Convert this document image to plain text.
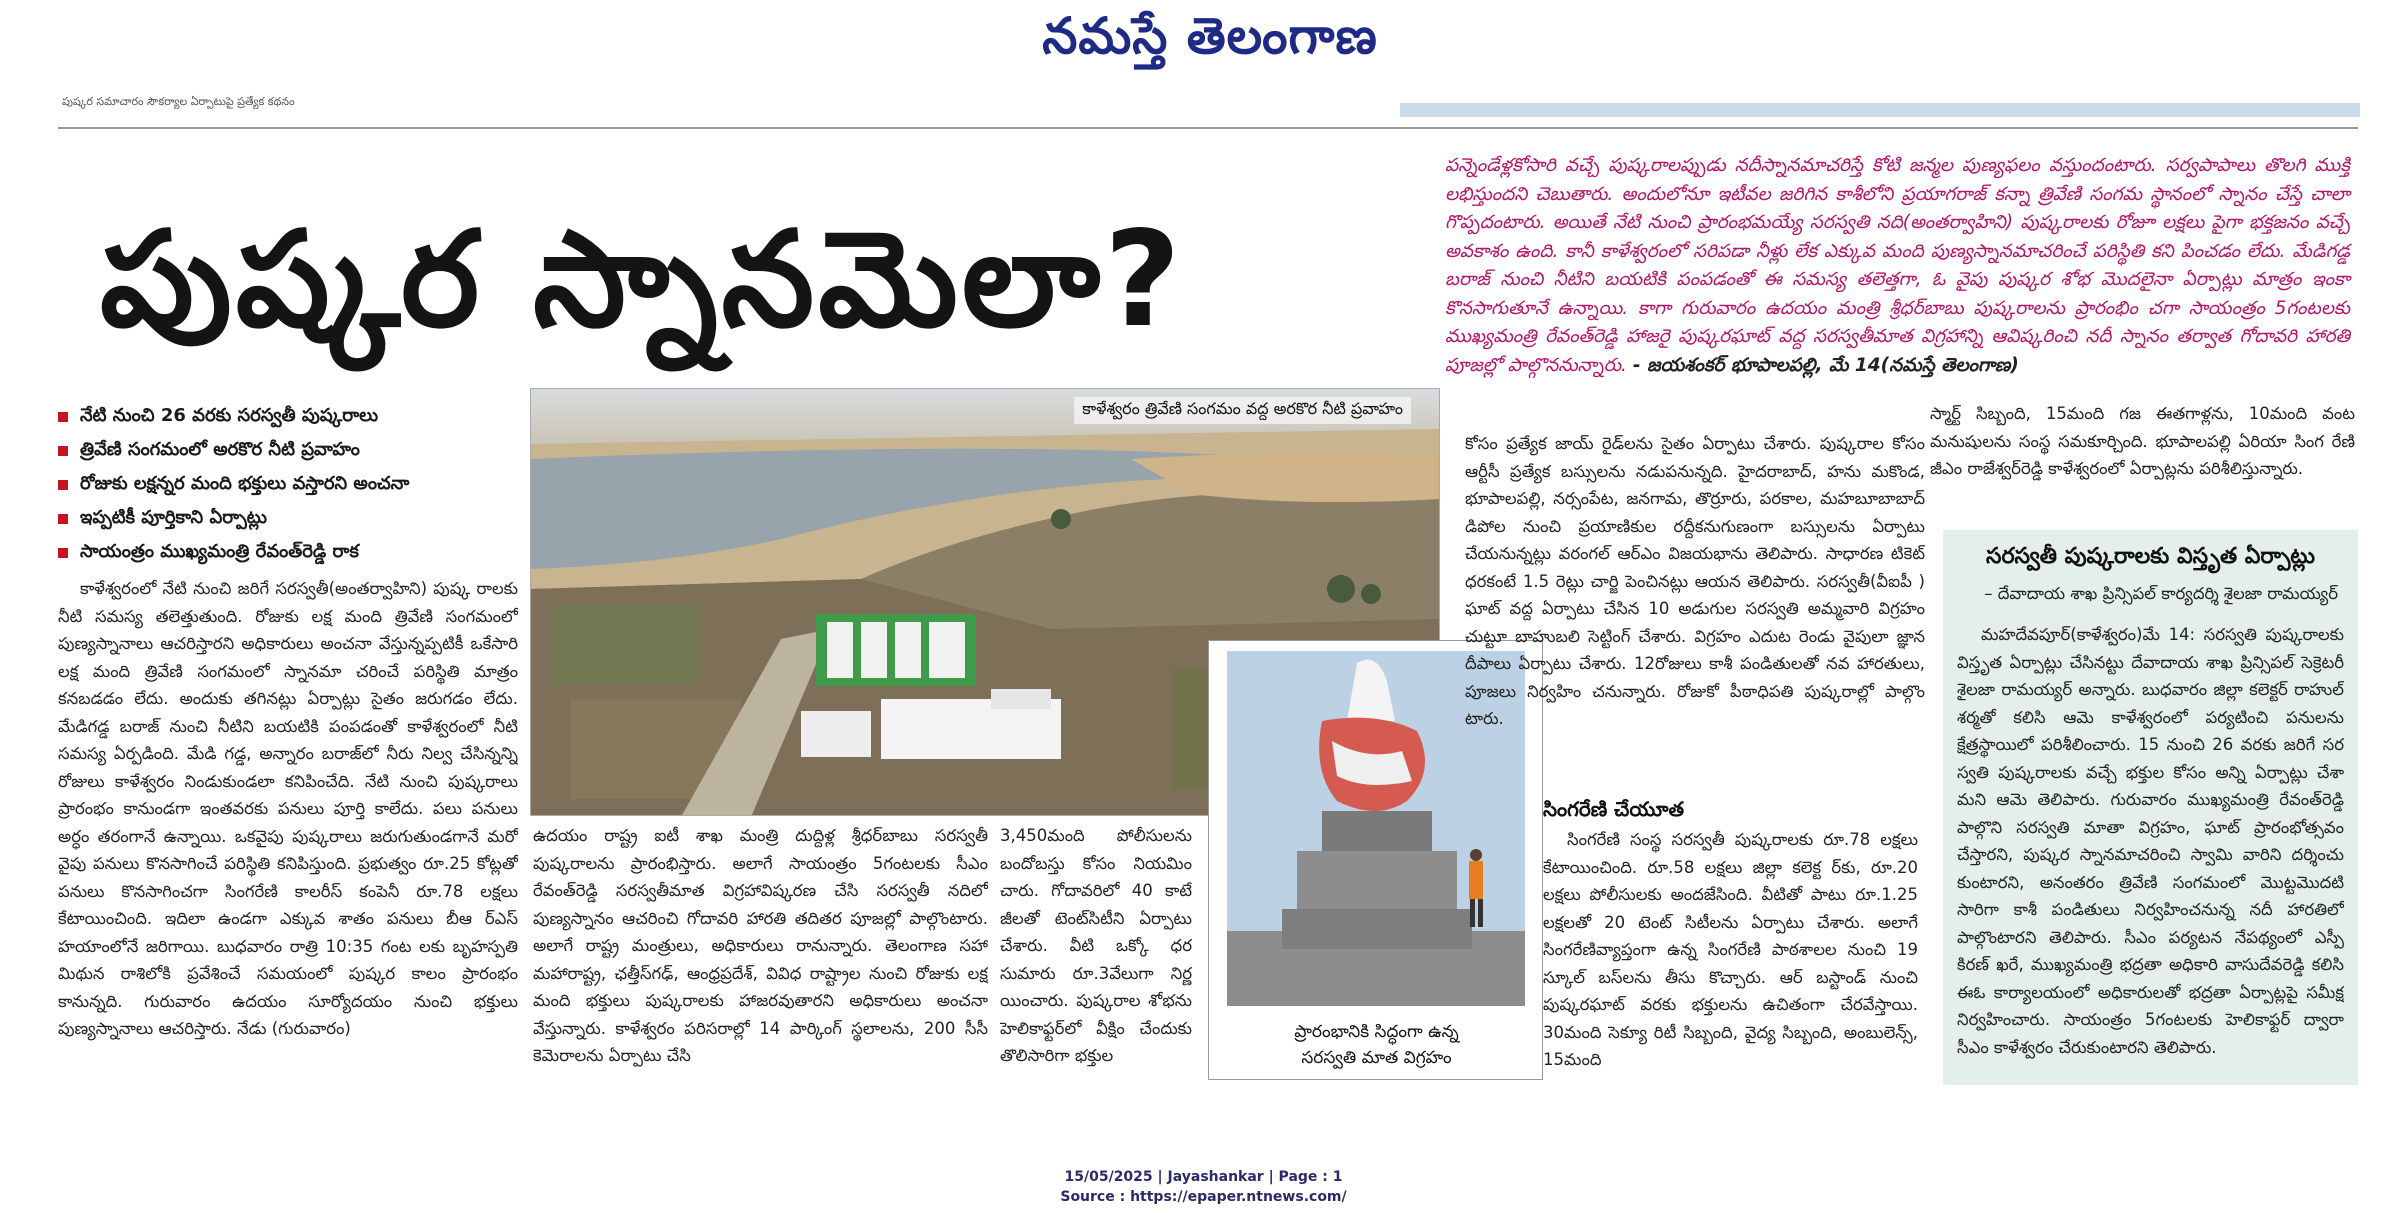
నమస్తే తెలంగాణ
పుష్కర సమాచారం సౌకర్యాల ఏర్పాటుపై ప్రత్యేక కథనం
పుష్కర స్నానమెలా?
పన్నెండేళ్లకోసారి వచ్చే పుష్కరాలప్పుడు నదీస్నానమాచరిస్తే కోటి జన్మల పుణ్యఫలం వస్తుందంటారు. సర్వపాపాలు తొలగి ముక్తి లభిస్తుందని చెబుతారు. అందులోనూ ఇటీవల జరిగిన కాశీలోని ప్రయాగరాజ్ కన్నా త్రివేణి సంగమ స్థానంలో స్నానం చేస్తే చాలా గొప్పదంటారు. అయితే నేటి నుంచి ప్రారంభమయ్యే సరస్వతి నది(అంతర్వాహిని) పుష్కరాలకు రోజూ లక్షలు పైగా భక్తజనం వచ్చే అవకాశం ఉంది. కానీ కాళేశ్వరంలో సరిపడా నీళ్లు లేక ఎక్కువ మంది పుణ్యస్నానమాచరించే పరిస్థితి కని పించడం లేదు. మేడిగడ్డ బరాజ్ నుంచి నీటిని బయటికి పంపడంతో ఈ సమస్య తలెత్తగా, ఓ వైపు పుష్కర శోభ మొదలైనా ఏర్పాట్లు మాత్రం ఇంకా కొనసాగుతూనే ఉన్నాయి. కాగా గురువారం ఉదయం మంత్రి శ్రీధర్‌బాబు పుష్కరాలను ప్రారంభిం చగా సాయంత్రం 5గంటలకు ముఖ్యమంత్రి రేవంత్‌రెడ్డి హాజరై పుష్కరఘాట్ వద్ద సరస్వతీమాత విగ్రహాన్ని ఆవిష్కరించి నదీ స్నానం తర్వాత గోదావరి హారతి పూజల్లో పాల్గొననున్నారు. - జయశంకర్ భూపాలపల్లి, మే 14(నమస్తే తెలంగాణ)
నేటి నుంచి 26 వరకు సరస్వతీ పుష్కరాలు
త్రివేణి సంగమంలో అరకొర నీటి ప్రవాహం
రోజుకు లక్షన్నర మంది భక్తులు వస్తారని అంచనా
ఇప్పటికీ పూర్తికాని ఏర్పాట్లు
సాయంత్రం ముఖ్యమంత్రి రేవంత్‌రెడ్డి రాక
కాళేశ్వరంలో నేటి నుంచి జరిగే సరస్వతీ(అంతర్వాహిని) పుష్క రాలకు నీటి సమస్య తలెత్తుతుంది. రోజుకు లక్ష మంది త్రివేణి సంగమంలో పుణ్యస్నానాలు ఆచరిస్తారని అధికారులు అంచనా వేస్తున్నప్పటికీ ఒకేసారి లక్ష మంది త్రివేణి సంగమంలో స్నానమా చరించే పరిస్థితి మాత్రం కనబడడం లేదు. అందుకు తగినట్లు ఏర్పాట్లు సైతం జరుగడం లేదు. మేడిగడ్డ బరాజ్ నుంచి నీటిని బయటికి పంపడంతో కాళేశ్వరంలో నీటి సమస్య ఏర్పడింది. మేడి గడ్డ, అన్నారం బరాజ్‌లో నీరు నిల్వ చేసిన్నన్ని రోజులు కాళేశ్వరం నిండుకుండలా కనిపించేది. నేటి నుంచి పుష్కరాలు ప్రారంభం కానుండగా ఇంతవరకు పనులు పూర్తి కాలేదు. పలు పనులు అర్ధం తరంగానే ఉన్నాయి. ఒకవైపు పుష్కరాలు జరుగుతుండగానే మరో వైపు పనులు కొనసాగించే పరిస్థితి కనిపిస్తుంది. ప్రభుత్వం రూ.25 కోట్లతో పనులు కొనసాగించగా సింగరేణి కాలరీస్ కంపెనీ రూ.78 లక్షలు కేటాయించింది. ఇదిలా ఉండగా ఎక్కువ శాతం పనులు బీఆ ర్ఎస్ హయాంలోనే జరిగాయి. బుధవారం రాత్రి 10:35 గంట లకు బృహస్పతి మిథున రాశిలోకి ప్రవేశించే సమయంలో పుష్కర కాలం ప్రారంభం కానున్నది. గురువారం ఉదయం సూర్యోదయం నుంచి భక్తులు పుణ్యస్నానాలు ఆచరిస్తారు. నేడు (గురువారం)
కాళేశ్వరం త్రివేణి సంగమం వద్ద అరకొర నీటి ప్రవాహం
ప్రారంభానికి సిద్ధంగా ఉన్న
సరస్వతి మాత విగ్రహం
ఉదయం రాష్ట్ర ఐటీ శాఖ మంత్రి దుద్దిళ్ల శ్రీధర్‌బాబు సరస్వతీ పుష్కరాలను ప్రారంభిస్తారు. అలాగే సాయంత్రం 5గంటలకు సీఎం రేవంత్‌రెడ్డి సరస్వతీమాత విగ్రహావిష్కరణ చేసి సరస్వతీ నదిలో పుణ్యస్నానం ఆచరించి గోదావరి హారతి తదితర పూజల్లో పాల్గొంటారు. అలాగే రాష్ట్ర మంత్రులు, అధికారులు రానున్నారు. తెలంగాణ సహా మహారాష్ట్ర, ఛత్తీస్‌గఢ్, ఆంధ్రప్రదేశ్, వివిధ రాష్ట్రాల నుంచి రోజుకు లక్ష మంది భక్తులు పుష్కరాలకు హాజరవుతారని అధికారులు అంచనా వేస్తున్నారు. కాళేశ్వరం పరిసరాల్లో 14 పార్కింగ్ స్థలాలను, 200 సీసీ కెమెరాలను ఏర్పాటు చేసి
3,450మంది పోలీసులను బందోబస్తు కోసం నియమిం చారు. గోదావరిలో 40 కాటే జీలతో టెంట్‌సిటీని ఏర్పాటు చేశారు. వీటి ఒక్కో ధర సుమారు రూ.3వేలుగా నిర్ణ యించారు. పుష్కరాల శోభను హెలికాఫ్టర్‌లో వీక్షిం చేందుకు తొలిసారిగా భక్తుల
కోసం ప్రత్యేక జాయ్ రైడ్‌లను సైతం ఏర్పాటు చేశారు. పుష్కరాల కోసం ఆర్టీసీ ప్రత్యేక బస్సులను నడుపనున్నది. హైదరాబాద్, హను మకొండ, భూపాలపల్లి, నర్సంపేట, జనగామ, తొర్రూరు, పరకాల, మహబూబాబాద్ డిపోల నుంచి ప్రయాణికుల రద్దీకనుగుణంగా బస్సులను ఏర్పాటు చేయనున్నట్లు వరంగల్ ఆర్‌ఎం విజయభాను తెలిపారు. సాధారణ టికెట్ ధరకంటే 1.5 రెట్లు చార్జి పెంచినట్లు ఆయన తెలిపారు. సరస్వతీ(వీఐపీ ) ఘాట్ వద్ద ఏర్పాటు చేసిన 10 అడుగుల సరస్వతి అమ్మవారి విగ్రహం చుట్టూ బాహుబలి సెట్టింగ్ చేశారు. విగ్రహం ఎదుట రెండు వైపులా జ్ఞాన దీపాలు ఏర్పాటు చేశారు. 12రోజులు కాశీ పండితులతో నవ హారతులు, పూజలు నిర్వహిం చనున్నారు. రోజుకో పీఠాధిపతి పుష్కరాల్లో పాల్గొం టారు.
సింగరేణి చేయూత
సింగరేణి సంస్థ సరస్వతీ పుష్కరాలకు రూ.78 లక్షలు కేటాయించింది. రూ.58 లక్షలు జిల్లా కలెక్ట ర్‌కు, రూ.20 లక్షలు పోలీసులకు అందజేసింది. వీటితో పాటు రూ.1.25 లక్షలతో 20 టెంట్ సిటీలను ఏర్పాటు చేశారు. అలాగే సింగరేణివ్యాప్తంగా ఉన్న సింగరేణి పాఠశాలల నుంచి 19 స్కూల్ బస్‌లను తీసు కొచ్చారు. ఆర్ బస్టాండ్ నుంచి పుష్కరఘాట్ వరకు భక్తులను ఉచితంగా చేరవేస్తాయి. 30మంది సెక్యూ రిటీ సిబ్బంది, వైద్య సిబ్బంది, అంబులెన్స్, 15మంది
స్మార్ట్ సిబ్బంది, 15మంది గజ ఈతగాళ్లను, 10మంది వంట మనుషులను సంస్థ సమకూర్చింది. భూపాలపల్లి ఏరియా సింగ రేణి జీఎం రాజేశ్వర్‌రెడ్డి కాళేశ్వరంలో ఏర్పాట్లను పరిశీలిస్తున్నారు.
సరస్వతీ పుష్కరాలకు విస్తృత ఏర్పాట్లు
– దేవాదాయ శాఖ ప్రిన్సిపల్ కార్యదర్శి శైలజా రామయ్యర్
మహదేవపూర్(కాళేశ్వరం)మే 14: సరస్వతి పుష్కరాలకు విస్తృత ఏర్పాట్లు చేసినట్టు దేవాదాయ శాఖ ప్రిన్సిపల్ సెక్రెటరీ శైలజా రామయ్యర్ అన్నారు. బుధవారం జిల్లా కలెక్టర్ రాహుల్ శర్మతో కలిసి ఆమె కాళేశ్వరంలో పర్యటించి పనులను క్షేత్రస్థాయిలో పరిశీలించారు. 15 నుంచి 26 వరకు జరిగే సర స్వతి పుష్కరాలకు వచ్చే భక్తుల కోసం అన్ని ఏర్పాట్లు చేశా మని ఆమె తెలిపారు. గురువారం ముఖ్యమంత్రి రేవంత్‌రెడ్డి పాల్గొని సరస్వతి మాతా విగ్రహం, ఘాట్ ప్రారంభోత్సవం చేస్తారని, పుష్కర స్నానమాచరించి స్వామి వారిని దర్శించు కుంటారని, అనంతరం త్రివేణి సంగమంలో మొట్టమొదటి సారిగా కాశీ పండితులు నిర్వహించనున్న నదీ హారతిలో పాల్గొంటారని తెలిపారు. సీఎం పర్యటన నేపథ్యంలో ఎస్పీ కిరణ్ ఖరే, ముఖ్యమంత్రి భద్రతా అధికారి వాసుదేవరెడ్డి కలిసి ఈఓ కార్యాలయంలో అధికారులతో భద్రతా ఏర్పాట్లపై సమీక్ష నిర్వహించారు. సాయంత్రం 5గంటలకు హెలికాఫ్టర్ ద్వారా సీఎం కాళేశ్వరం చేరుకుంటారని తెలిపారు.
15/05/2025 | Jayashankar | Page : 1
Source : https://epaper.ntnews.com/
